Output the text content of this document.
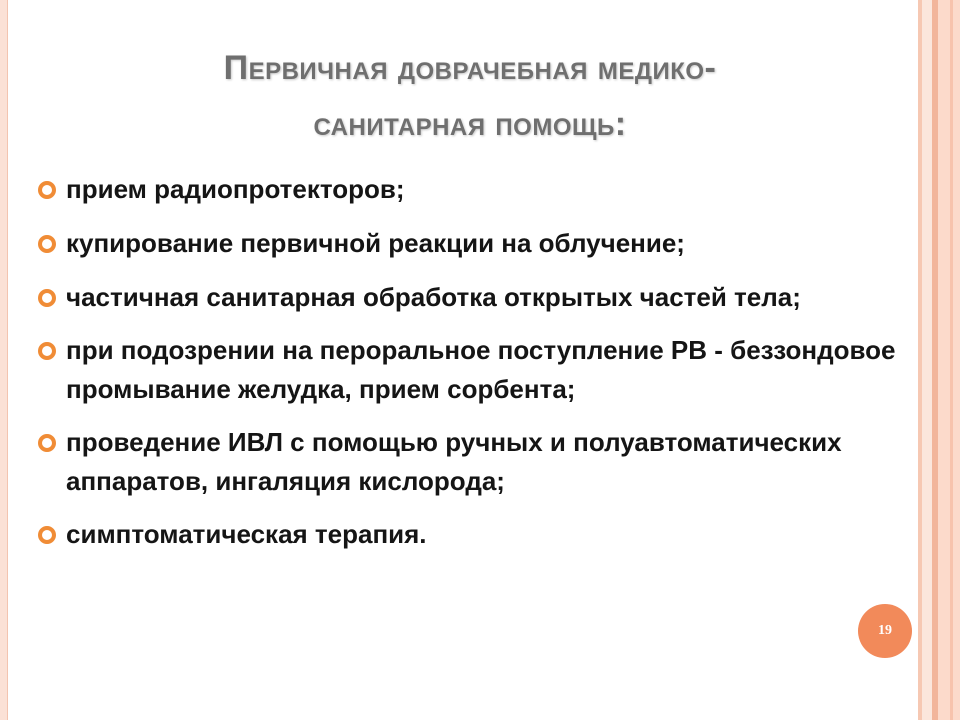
Первичная доврачебная медико-
санитарная помощь:
прием радиопротекторов;
купирование первичной реакции на облучение;
частичная санитарная обработка открытых частей тела;
при подозрении на пероральное поступление РВ - беззондовое промывание желудка, прием сорбента;
проведение ИВЛ с помощью ручных и полуавтоматических аппаратов, ингаляция кислорода;
симптоматическая терапия.
19
